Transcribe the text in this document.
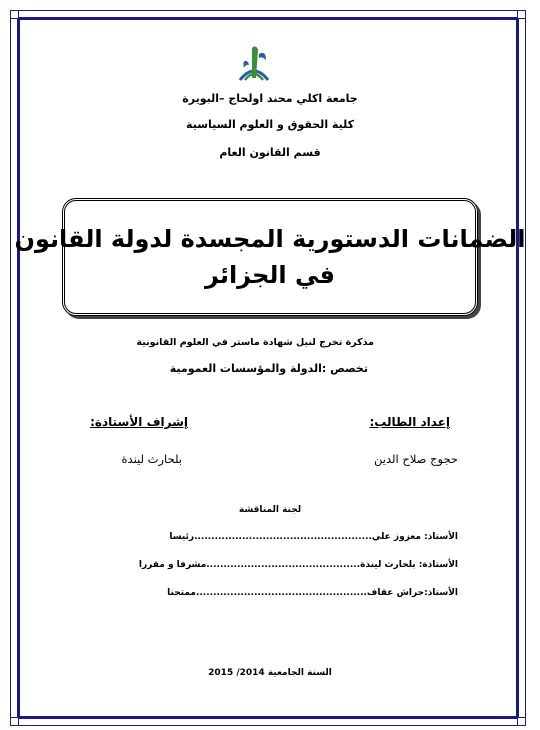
جامعة اكلي محند اولحاج –البويرة
كلية الحقوق و العلوم السياسية
قسم القانون العام
الضمانات الدستورية المجسدة لدولة القانون
في الجزائر
مذكرة تخرج لنيل شهادة ماستر في العلوم القانونية
تخصص :الدولة والمؤسسات العمومية
إعداد الطالب:
إشراف الأستاذة:
حجوج صلاح الدين
بلحارث ليندة
لجنة المناقشة
الأستاذ: معزوز علي....................................................رئيسا
الأستاذة: بلحارث ليندة.............................................مشرفا و مقررا
الأستاذ:حراش عقاف..................................................ممتحنا
السنة الجامعية 2014/ 2015
